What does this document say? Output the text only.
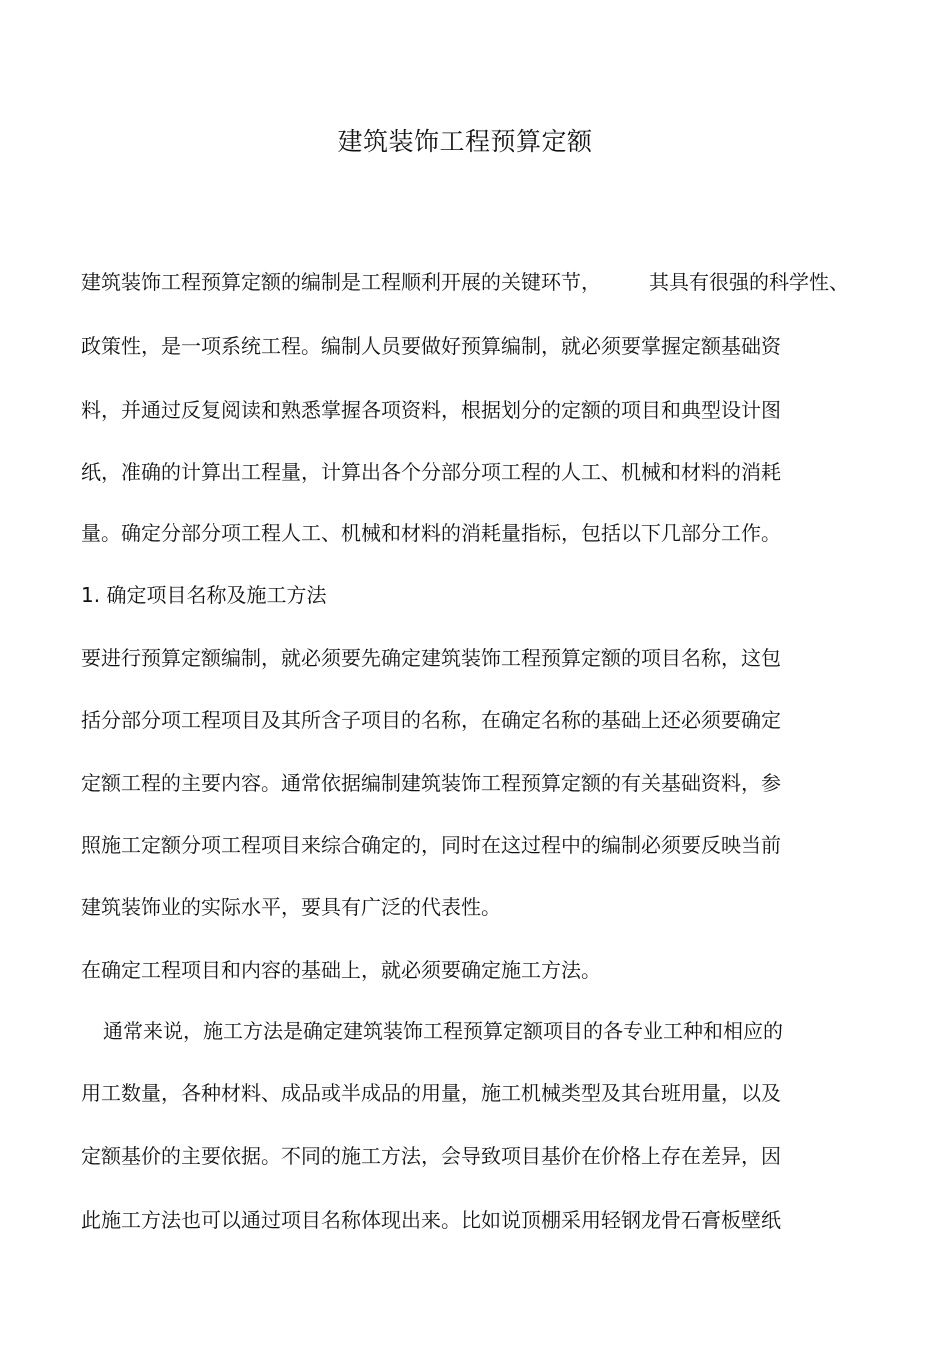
建筑装饰工程预算定额
建筑装饰工程预算定额的编制是工程顺利开展的关键环节， 其具有很强的科学性、
政策性，是一项系统工程。编制人员要做好预算编制，就必须要掌握定额基础资
料，并通过反复阅读和熟悉掌握各项资料，根据划分的定额的项目和典型设计图
纸，准确的计算出工程量，计算出各个分部分项工程的人工、机械和材料的消耗
量。确定分部分项工程人工、机械和材料的消耗量指标，包括以下几部分工作。
1. 确定项目名称及施工方法
要进行预算定额编制，就必须要先确定建筑装饰工程预算定额的项目名称，这包
括分部分项工程项目及其所含子项目的名称，在确定名称的基础上还必须要确定
定额工程的主要内容。通常依据编制建筑装饰工程预算定额的有关基础资料，参
照施工定额分项工程项目来综合确定的，同时在这过程中的编制必须要反映当前
建筑装饰业的实际水平，要具有广泛的代表性。
在确定工程项目和内容的基础上，就必须要确定施工方法。
通常来说，施工方法是确定建筑装饰工程预算定额项目的各专业工种和相应的
用工数量，各种材料、成品或半成品的用量，施工机械类型及其台班用量，以及
定额基价的主要依据。不同的施工方法，会导致项目基价在价格上存在差异，因
此施工方法也可以通过项目名称体现出来。比如说顶棚采用轻钢龙骨石膏板壁纸
